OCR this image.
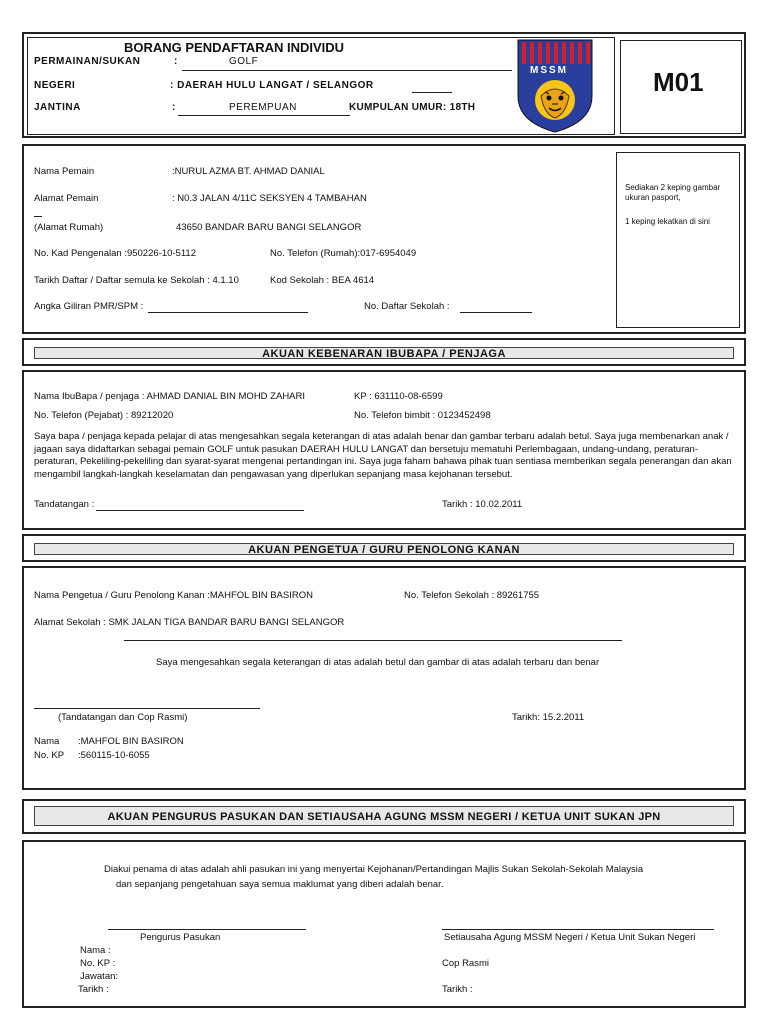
BORANG PENDAFTARAN INDIVIDU
PERMAINAN/SUKAN	:	GOLF
NEGERI	: DAERAH HULU LANGAT / SELANGOR
JANTINA	:	PEREMPUAN	KUMPULAN UMUR: 18TH
MSSM	M01
Nama Pemain	:NURUL AZMA BT. AHMAD DANIAL
Alamat Pemain	: N0.3 JALAN 4/11C SEKSYEN 4 TAMBAHAN
(Alamat Rumah)	43650 BANDAR BARU BANGI SELANGOR
No. Kad Pengenalan :950226-10-5112	No. Telefon (Rumah):017-6954049
Tarikh Daftar / Daftar semula ke Sekolah : 4.1.10	Kod Sekolah : BEA 4614
Angka Giliran PMR/SPM :	No. Daftar Sekolah :
Sediakan 2 keping gambar
ukuran pasport,
1 keping lekatkan di sini
AKUAN KEBENARAN IBUBAPA / PENJAGA
Nama IbuBapa / penjaga : AHMAD DANIAL BIN MOHD ZAHARI	KP : 631110-08-6599
No. Telefon (Pejabat) : 89212020	No. Telefon bimbit : 0123452498
Saya bapa / penjaga kepada pelajar di atas mengesahkan segala keterangan di atas adalah benar dan gambar terbaru adalah betul. Saya juga membenarkan anak / jagaan saya didaftarkan sebagai pemain GOLF untuk pasukan DAERAH HULU LANGAT dan bersetuju mematuhi Perlembagaan, undang-undang, peraturan-peraturan, Pekeliling-pekeliling dan syarat-syarat mengenai pertandingan ini. Saya juga faham bahawa pihak tuan sentiasa memberikan segala penerangan dan akan mengambil langkah-langkah keselamatan dan pengawasan yang diperlukan sepanjang masa kejohanan tersebut.
Tandatangan :	Tarikh : 10.02.2011
AKUAN PENGETUA / GURU PENOLONG KANAN
Nama Pengetua / Guru Penolong Kanan :MAHFOL BIN BASIRON	No. Telefon Sekolah : 89261755
Alamat Sekolah : SMK JALAN TIGA BANDAR BARU BANGI SELANGOR
Saya mengesahkan segala keterangan di atas adalah betul dan gambar di atas adalah terbaru dan benar
(Tandatangan dan Cop Rasmi)	Tarikh: 15.2.2011
Nama :MAHFOL BIN BASIRON
No. KP :560115-10-6055
AKUAN PENGURUS PASUKAN DAN SETIAUSAHA AGUNG MSSM NEGERI / KETUA UNIT SUKAN JPN
Diakui penama di atas adalah ahli pasukan ini yang menyertai Kejohanan/Pertandingan Majlis Sukan Sekolah-Sekolah Malaysia
dan sepanjang pengetahuan saya semua maklumat yang diberi adalah benar.
Pengurus Pasukan	Setiausaha Agung MSSM Negeri / Ketua Unit Sukan Negeri
Nama :
No. KP :	Cop Rasmi
Jawatan:
Tarikh :	Tarikh :
